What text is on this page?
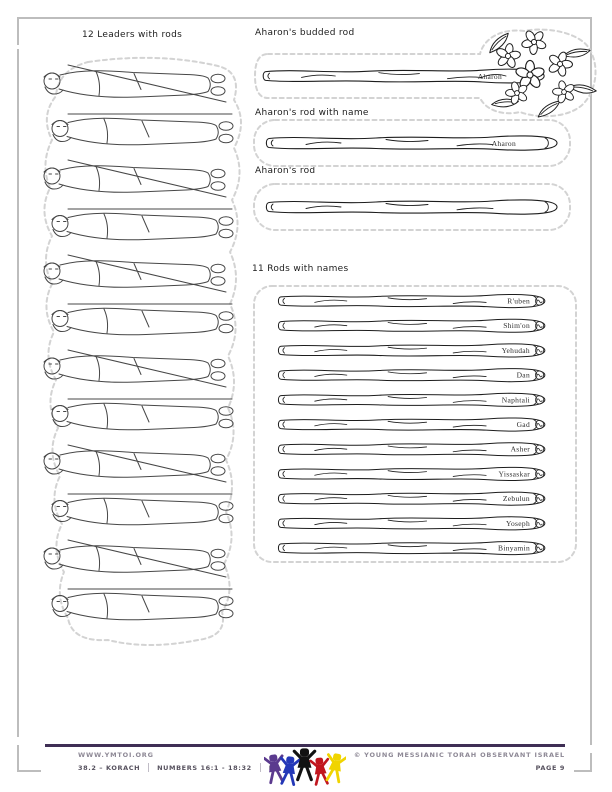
12 Leaders with rods	Aharon's budded rod
Aharon's rod with name
Aharon's rod
11 Rods with names
Aharon
Aharon
R'uben
Shim'on
Yehudah
Dan
Naphtali
Gad
Asher
Yissaskar
Zebulun
Yoseph
Binyamin
WWW.YMTOI.ORG
38.2 – KORACH	NUMBERS 16:1 - 18:32
© YOUNG MESSIANIC TORAH OBSERVANT ISRAEL
PAGE 9
